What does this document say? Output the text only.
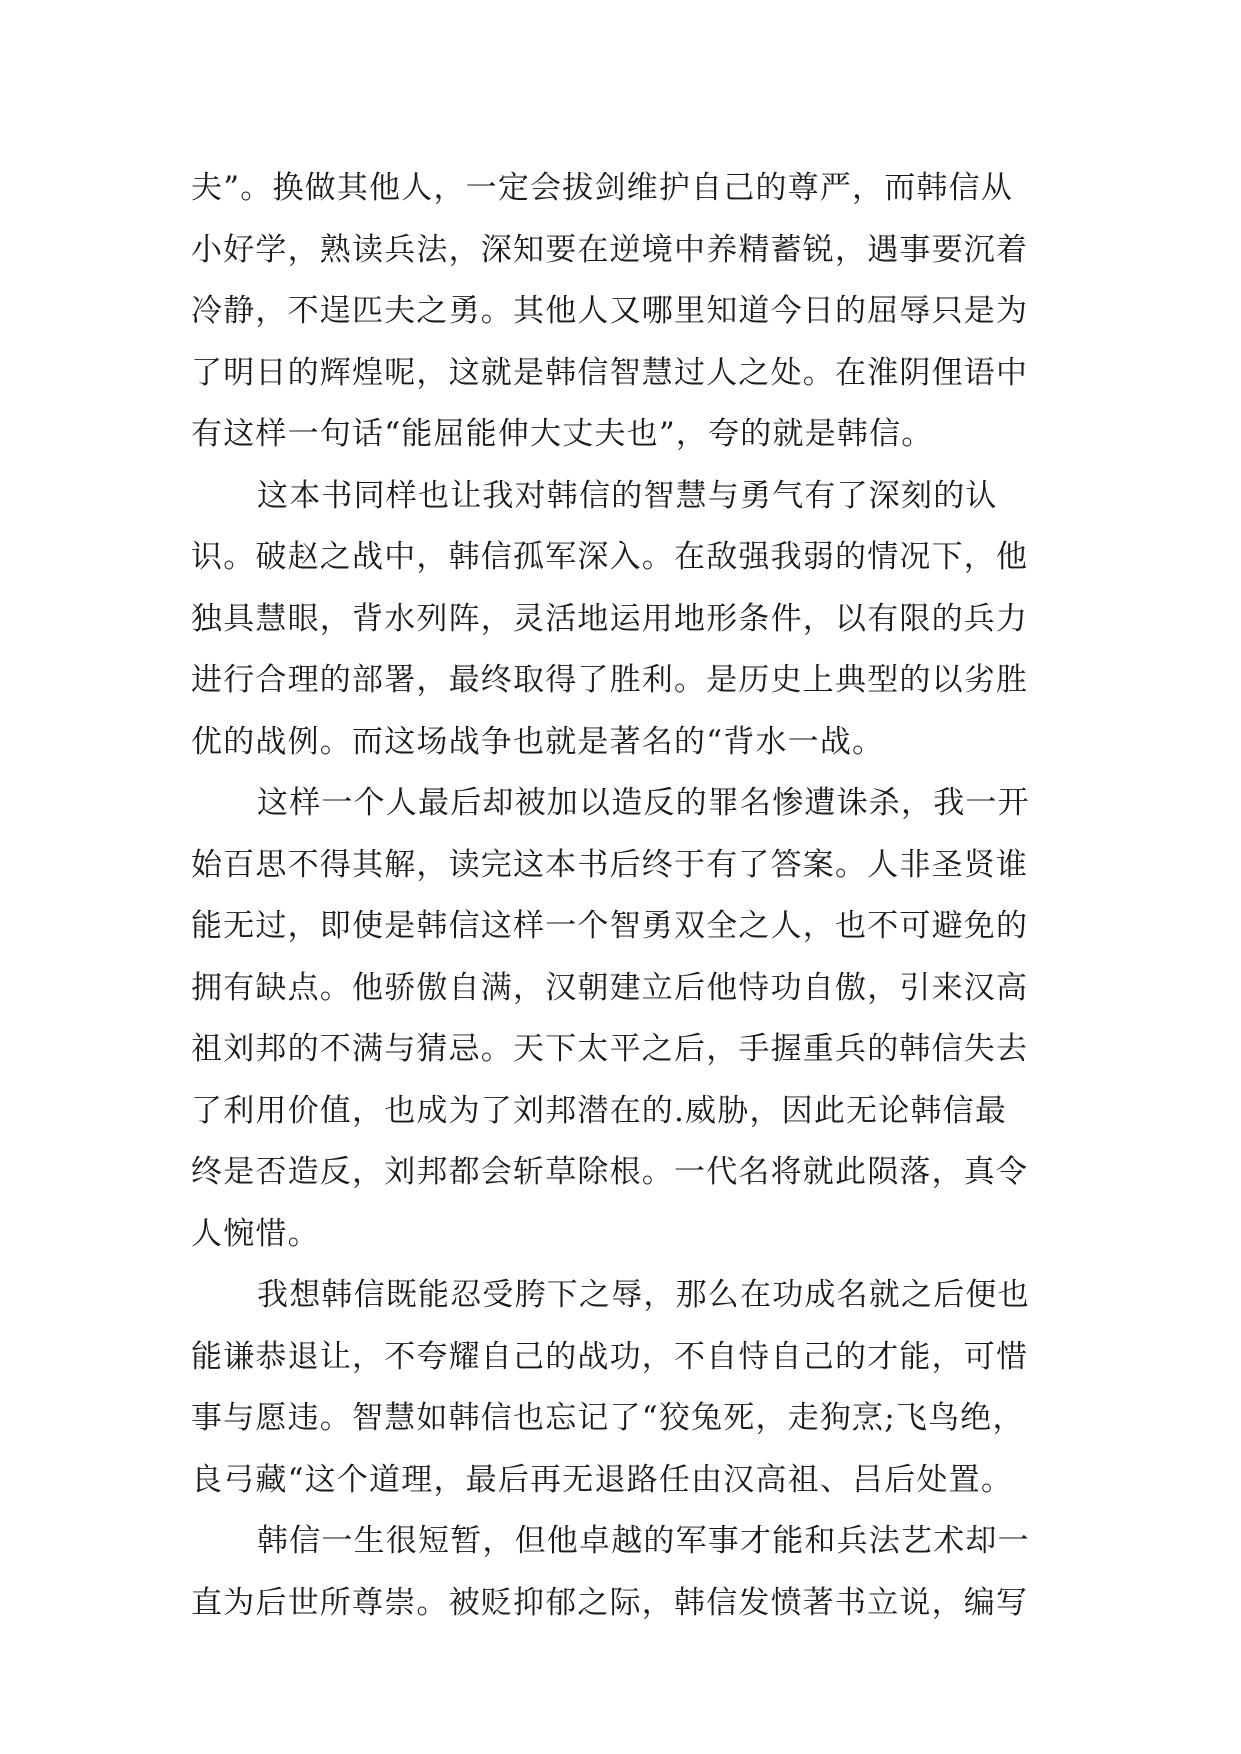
夫”。换做其他人，一定会拔剑维护自己的尊严，而韩信从
小好学，熟读兵法，深知要在逆境中养精蓄锐，遇事要沉着
冷静，不逞匹夫之勇。其他人又哪里知道今日的屈辱只是为
了明日的辉煌呢，这就是韩信智慧过人之处。在淮阴俚语中
有这样一句话“能屈能伸大丈夫也”，夸的就是韩信。
这本书同样也让我对韩信的智慧与勇气有了深刻的认
识。破赵之战中，韩信孤军深入。在敌强我弱的情况下，他
独具慧眼，背水列阵，灵活地运用地形条件，以有限的兵力
进行合理的部署，最终取得了胜利。是历史上典型的以劣胜
优的战例。而这场战争也就是著名的“背水一战。
这样一个人最后却被加以造反的罪名惨遭诛杀，我一开
始百思不得其解，读完这本书后终于有了答案。人非圣贤谁
能无过，即使是韩信这样一个智勇双全之人，也不可避免的
拥有缺点。他骄傲自满，汉朝建立后他恃功自傲，引来汉高
祖刘邦的不满与猜忌。天下太平之后，手握重兵的韩信失去
了利用价值，也成为了刘邦潜在的.威胁，因此无论韩信最
终是否造反，刘邦都会斩草除根。一代名将就此陨落，真令
人惋惜。
我想韩信既能忍受胯下之辱，那么在功成名就之后便也
能谦恭退让，不夸耀自己的战功，不自恃自己的才能，可惜
事与愿违。智慧如韩信也忘记了“狡兔死，走狗烹;飞鸟绝，
良弓藏“这个道理，最后再无退路任由汉高祖、吕后处置。
韩信一生很短暂，但他卓越的军事才能和兵法艺术却一
直为后世所尊崇。被贬抑郁之际，韩信发愤著书立说，编写
